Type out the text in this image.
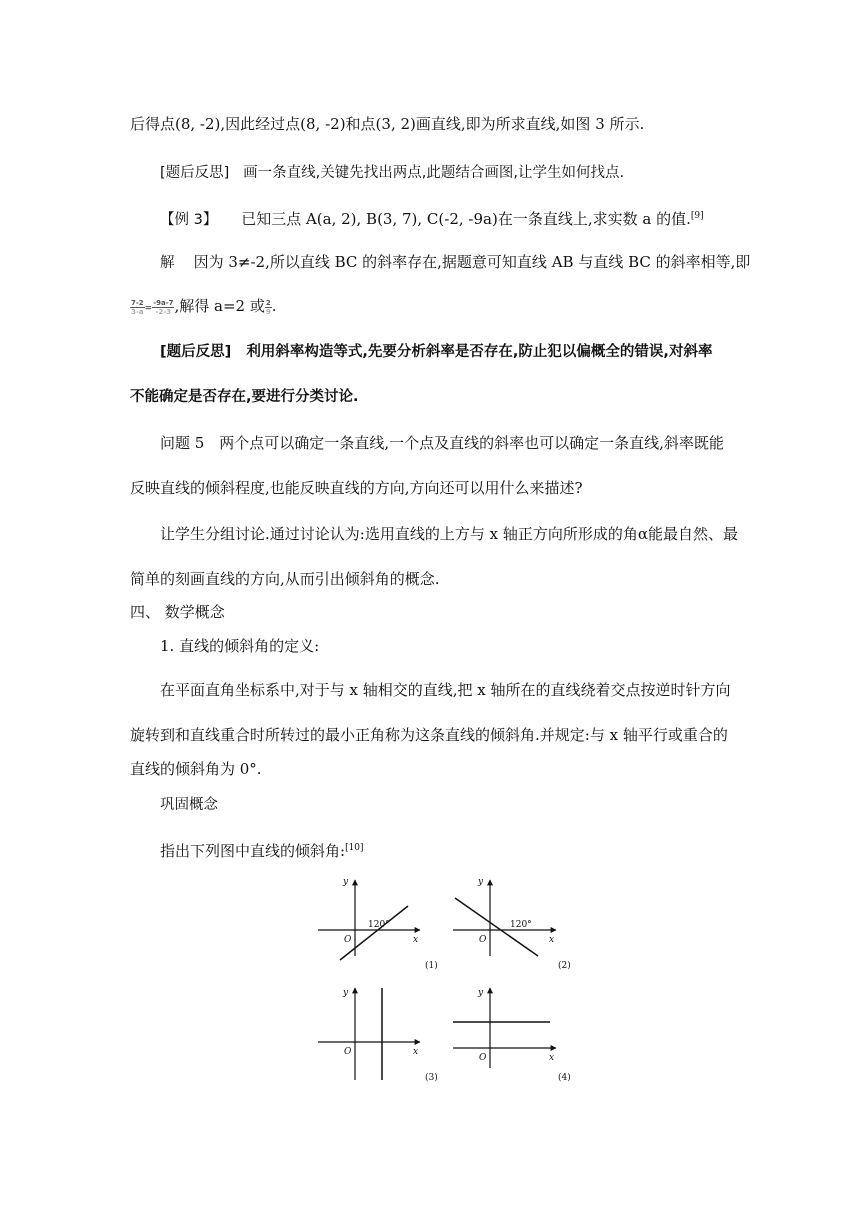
后得点(8, -2),因此经过点(8, -2)和点(3, 2)画直线,即为所求直线,如图 3 所示.
[题后反思] 画一条直线,关键先找出两点,此题结合画图,让学生如何找点.
【例 3】 已知三点 A(a, 2), B(3, 7), C(-2, -9a)在一条直线上,求实数 a 的值.[9]
解 因为 3≠-2,所以直线 BC 的斜率存在,据题意可知直线 AB 与直线 BC 的斜率相等,即
$\frac{7-2}{3-a} = \frac{-9a-7}{-2-3}$ ,解得 a=2 或 $\frac{2}{9}$ .
[题后反思] 利用斜率构造等式,先要分析斜率是否存在,防止犯以偏概全的错误,对斜率
不能确定是否存在,要进行分类讨论.
问题 5　两个点可以确定一条直线,一个点及直线的斜率也可以确定一条直线,斜率既能
反映直线的倾斜程度,也能反映直线的方向,方向还可以用什么来描述?
让学生分组讨论.通过讨论认为:选用直线的上方与 x 轴正方向所形成的角α能最自然、最
简单的刻画直线的方向,从而引出倾斜角的概念.
四、 数学概念
1. 直线的倾斜角的定义:
在平面直角坐标系中,对于与 x 轴相交的直线,把 x 轴所在的直线绕着交点按逆时针方向
旋转到和直线重合时所转过的最小正角称为这条直线的倾斜角.并规定:与 x 轴平行或重合的
直线的倾斜角为 0°.
巩固概念
指出下列图中直线的倾斜角:[10]
y
x
O
y
x
O
y
x
O
y
x
O
120°	120°
(1)	(2)
(3)	(4)
